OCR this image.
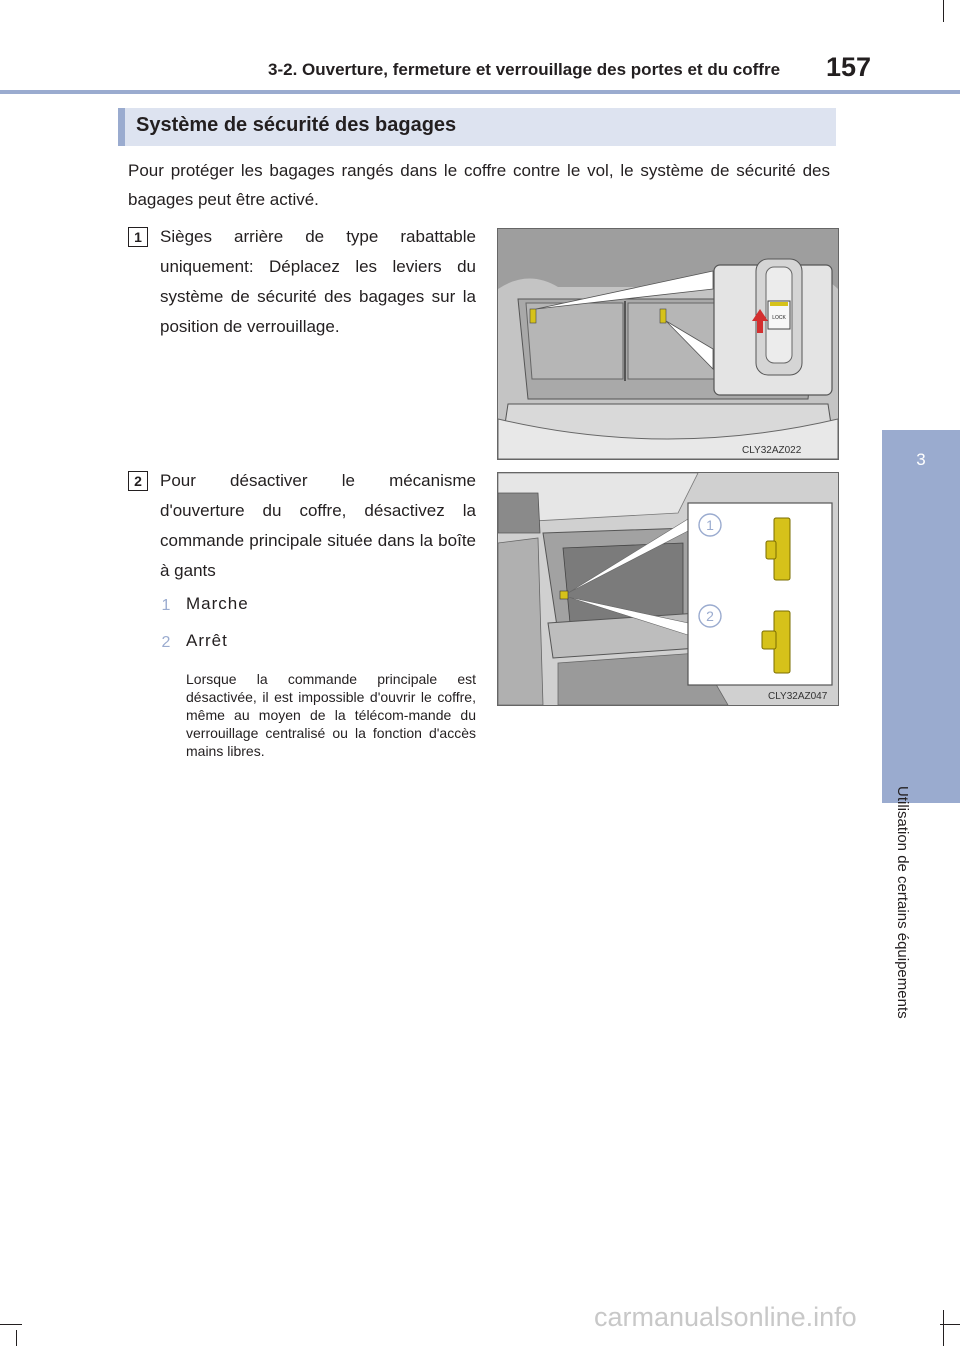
3-2. Ouverture, fermeture et verrouillage des portes et du coffre 157
3
Utilisation de certains équipements
Système de sécurité des bagages
Pour protéger les bagages rangés dans le coffre contre le vol, le système de sécurité des bagages peut être activé.
1	Sièges arrière de type rabattable uniquement: Déplacez les leviers du système de sécurité des bagages sur la position de verrouillage.	LOCK
CLY32AZ022
2	Pour désactiver le mécanisme d'ouverture du coffre, désactivez la commande principale située dans la boîte à gants
1 Marche
2 Arrêt
Lorsque la commande principale est désactivée, il est impossible d'ouvrir le coffre, même au moyen de la télécom-mande du verrouillage centralisé ou la fonction d'accès mains libres.
1
2
CLY32AZ047
carmanualsonline.info
